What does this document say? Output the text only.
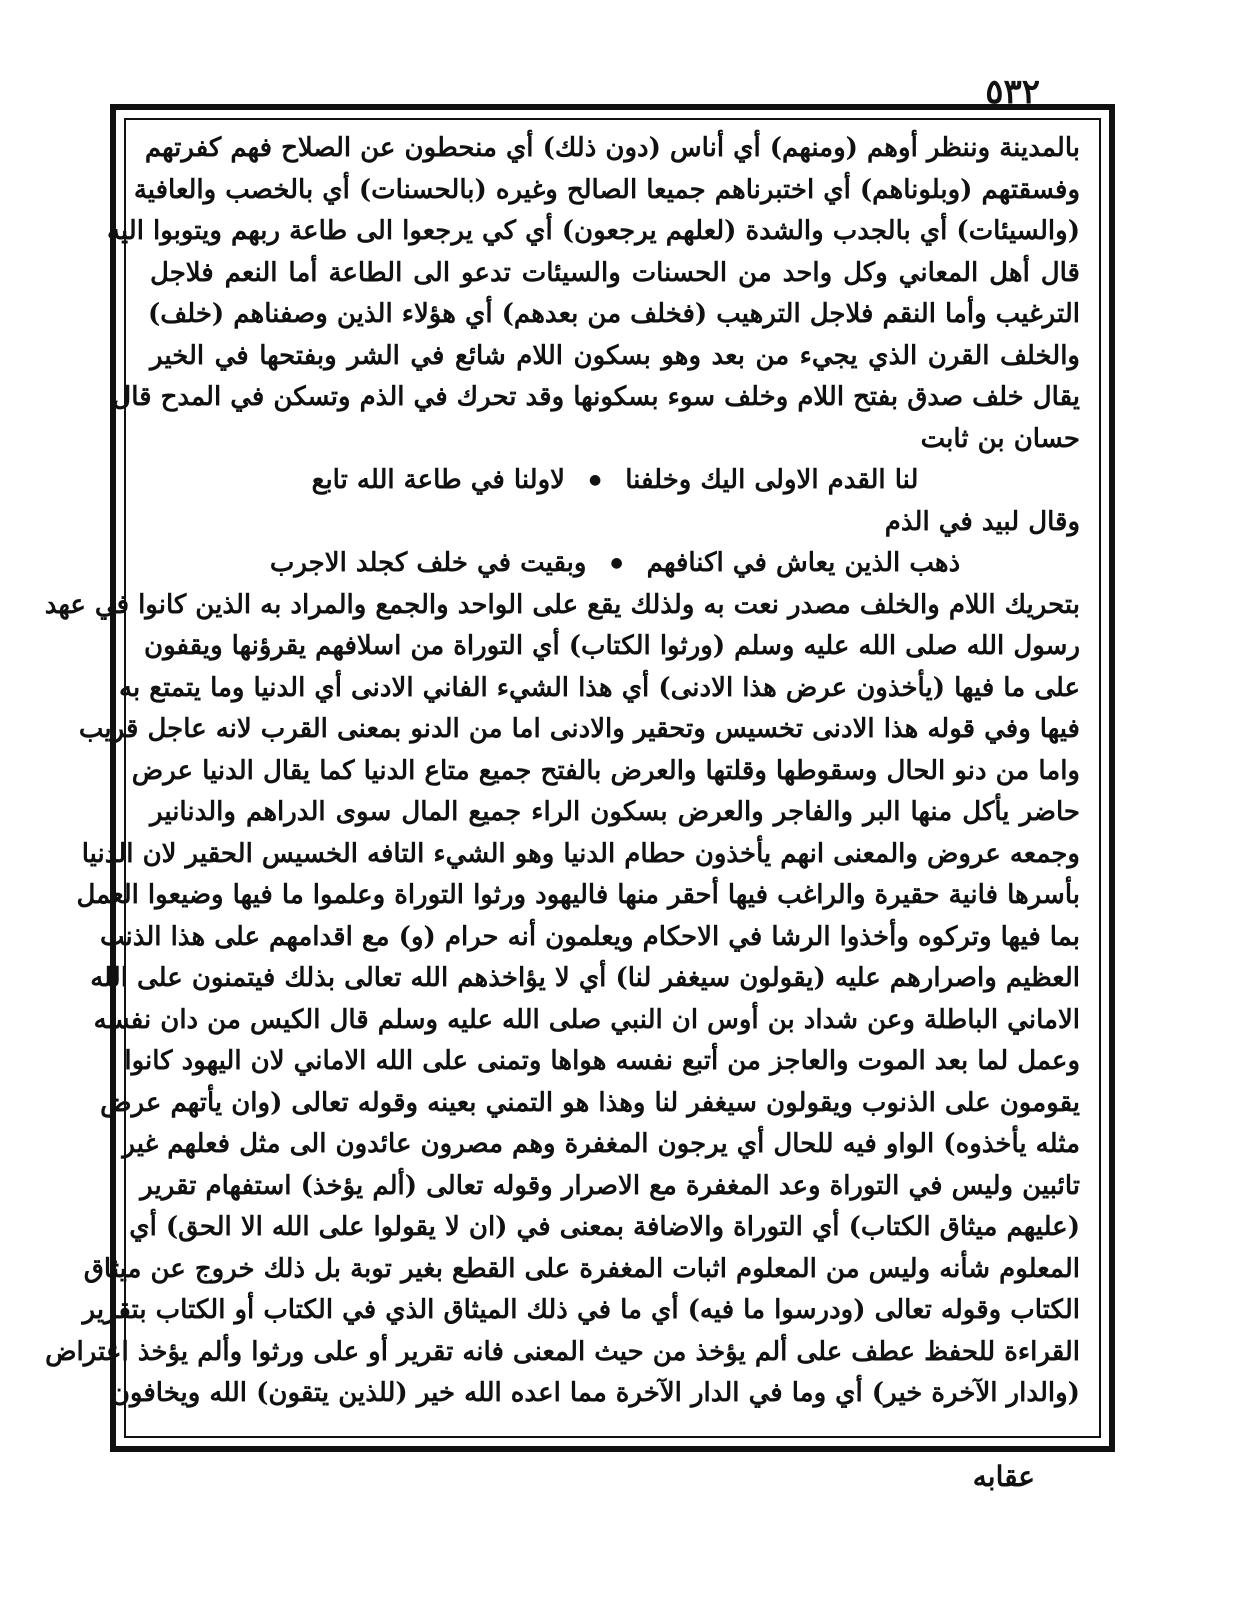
٥٣٢
بالمدينة وننظر أوهم (ومنهم) أي أناس (دون ذلك) أي منحطون عن الصلاح فهم كفرتهم
وفسقتهم (وبلوناهم) أي اختبرناهم جميعا الصالح وغيره (بالحسنات) أي بالخصب والعافية
(والسيئات) أي بالجدب والشدة (لعلهم يرجعون) أي كي يرجعوا الى طاعة ربهم ويتوبوا اليه
قال أهل المعاني وكل واحد من الحسنات والسيئات تدعو الى الطاعة أما النعم فلاجل
الترغيب وأما النقم فلاجل الترهيب (فخلف من بعدهم) أي هؤلاء الذين وصفناهم (خلف)
والخلف القرن الذي يجيء من بعد وهو بسكون اللام شائع في الشر وبفتحها في الخير
يقال خلف صدق بفتح اللام وخلف سوء بسكونها وقد تحرك في الذم وتسكن في المدح قال
حسان بن ثابت
لنا القدم الاولى اليك وخلفنا
●
لاولنا في طاعة الله تابع
وقال لبيد في الذم
ذهب الذين يعاش في اكنافهم
●
وبقيت في خلف كجلد الاجرب
بتحريك اللام والخلف مصدر نعت به ولذلك يقع على الواحد والجمع والمراد به الذين كانوا في عهد
رسول الله صلى الله عليه وسلم (ورثوا الكتاب) أي التوراة من اسلافهم يقرؤنها ويقفون
على ما فيها (يأخذون عرض هذا الادنى) أي هذا الشيء الفاني الادنى أي الدنيا وما يتمتع به
فيها وفي قوله هذا الادنى تخسيس وتحقير والادنى اما من الدنو بمعنى القرب لانه عاجل قريب
واما من دنو الحال وسقوطها وقلتها والعرض بالفتح جميع متاع الدنيا كما يقال الدنيا عرض
حاضر يأكل منها البر والفاجر والعرض بسكون الراء جميع المال سوى الدراهم والدنانير
وجمعه عروض والمعنى انهم يأخذون حطام الدنيا وهو الشيء التافه الخسيس الحقير لان الدنيا
بأسرها فانية حقيرة والراغب فيها أحقر منها فاليهود ورثوا التوراة وعلموا ما فيها وضيعوا العمل
بما فيها وتركوه وأخذوا الرشا في الاحكام ويعلمون أنه حرام (و) مع اقدامهم على هذا الذنب
العظيم واصرارهم عليه (يقولون سيغفر لنا) أي لا يؤاخذهم الله تعالى بذلك فيتمنون على الله
الاماني الباطلة وعن شداد بن أوس ان النبي صلى الله عليه وسلم قال الكيس من دان نفسه
وعمل لما بعد الموت والعاجز من أتبع نفسه هواها وتمنى على الله الاماني لان اليهود كانوا
يقومون على الذنوب ويقولون سيغفر لنا وهذا هو التمني بعينه وقوله تعالى (وان يأتهم عرض
مثله يأخذوه) الواو فيه للحال أي يرجون المغفرة وهم مصرون عائدون الى مثل فعلهم غير
تائبين وليس في التوراة وعد المغفرة مع الاصرار وقوله تعالى (ألم يؤخذ) استفهام تقرير
(عليهم ميثاق الكتاب) أي التوراة والاضافة بمعنى في (ان لا يقولوا على الله الا الحق) أي
المعلوم شأنه وليس من المعلوم اثبات المغفرة على القطع بغير توبة بل ذلك خروج عن ميثاق
الكتاب وقوله تعالى (ودرسوا ما فيه) أي ما في ذلك الميثاق الذي في الكتاب أو الكتاب بتقرير
القراءة للحفظ عطف على ألم يؤخذ من حيث المعنى فانه تقرير أو على ورثوا وألم يؤخذ اعتراض
(والدار الآخرة خير) أي وما في الدار الآخرة مما اعده الله خير (للذين يتقون) الله ويخافون
عقابه
